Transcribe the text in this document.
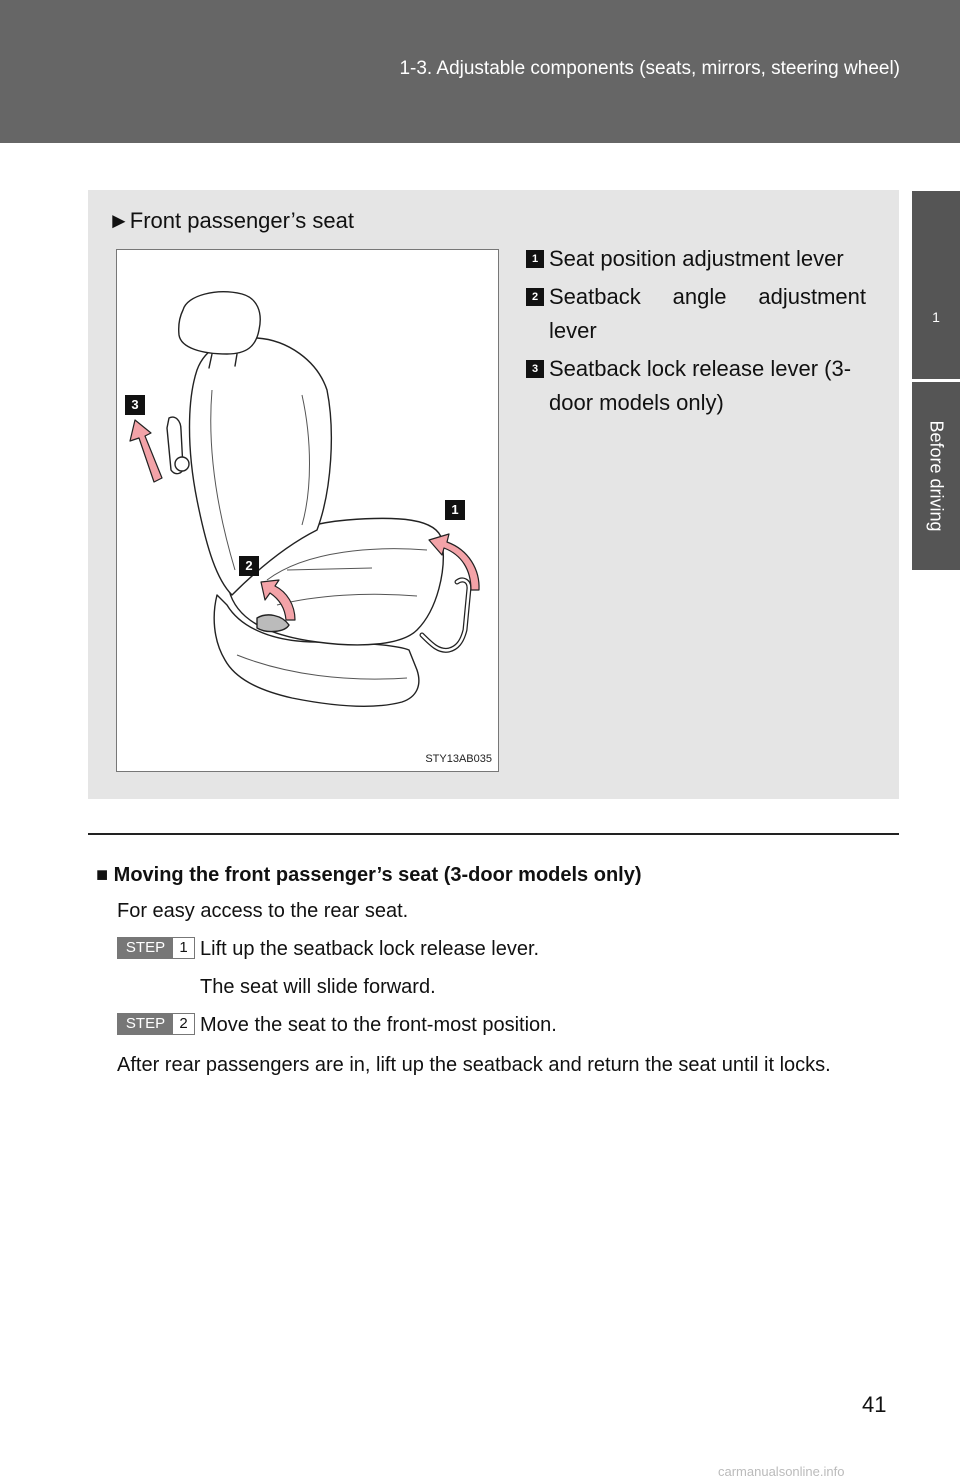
1-3. Adjustable components (seats, mirrors, steering wheel)
1
Before driving
►Front passenger’s seat
3
1
2
STY13AB035
1 Seat position adjustment lever
2 Seatback angle adjustment lever
3 Seatback lock release lever (3-door models only)
■ Moving the front passenger’s seat (3-door models only)
For easy access to the rear seat.
STEP 1 Lift up the seatback lock release lever.
The seat will slide forward.
STEP 2 Move the seat to the front-most position.
After rear passengers are in, lift up the seatback and return the seat until it locks.
41
carmanualsonline.info
